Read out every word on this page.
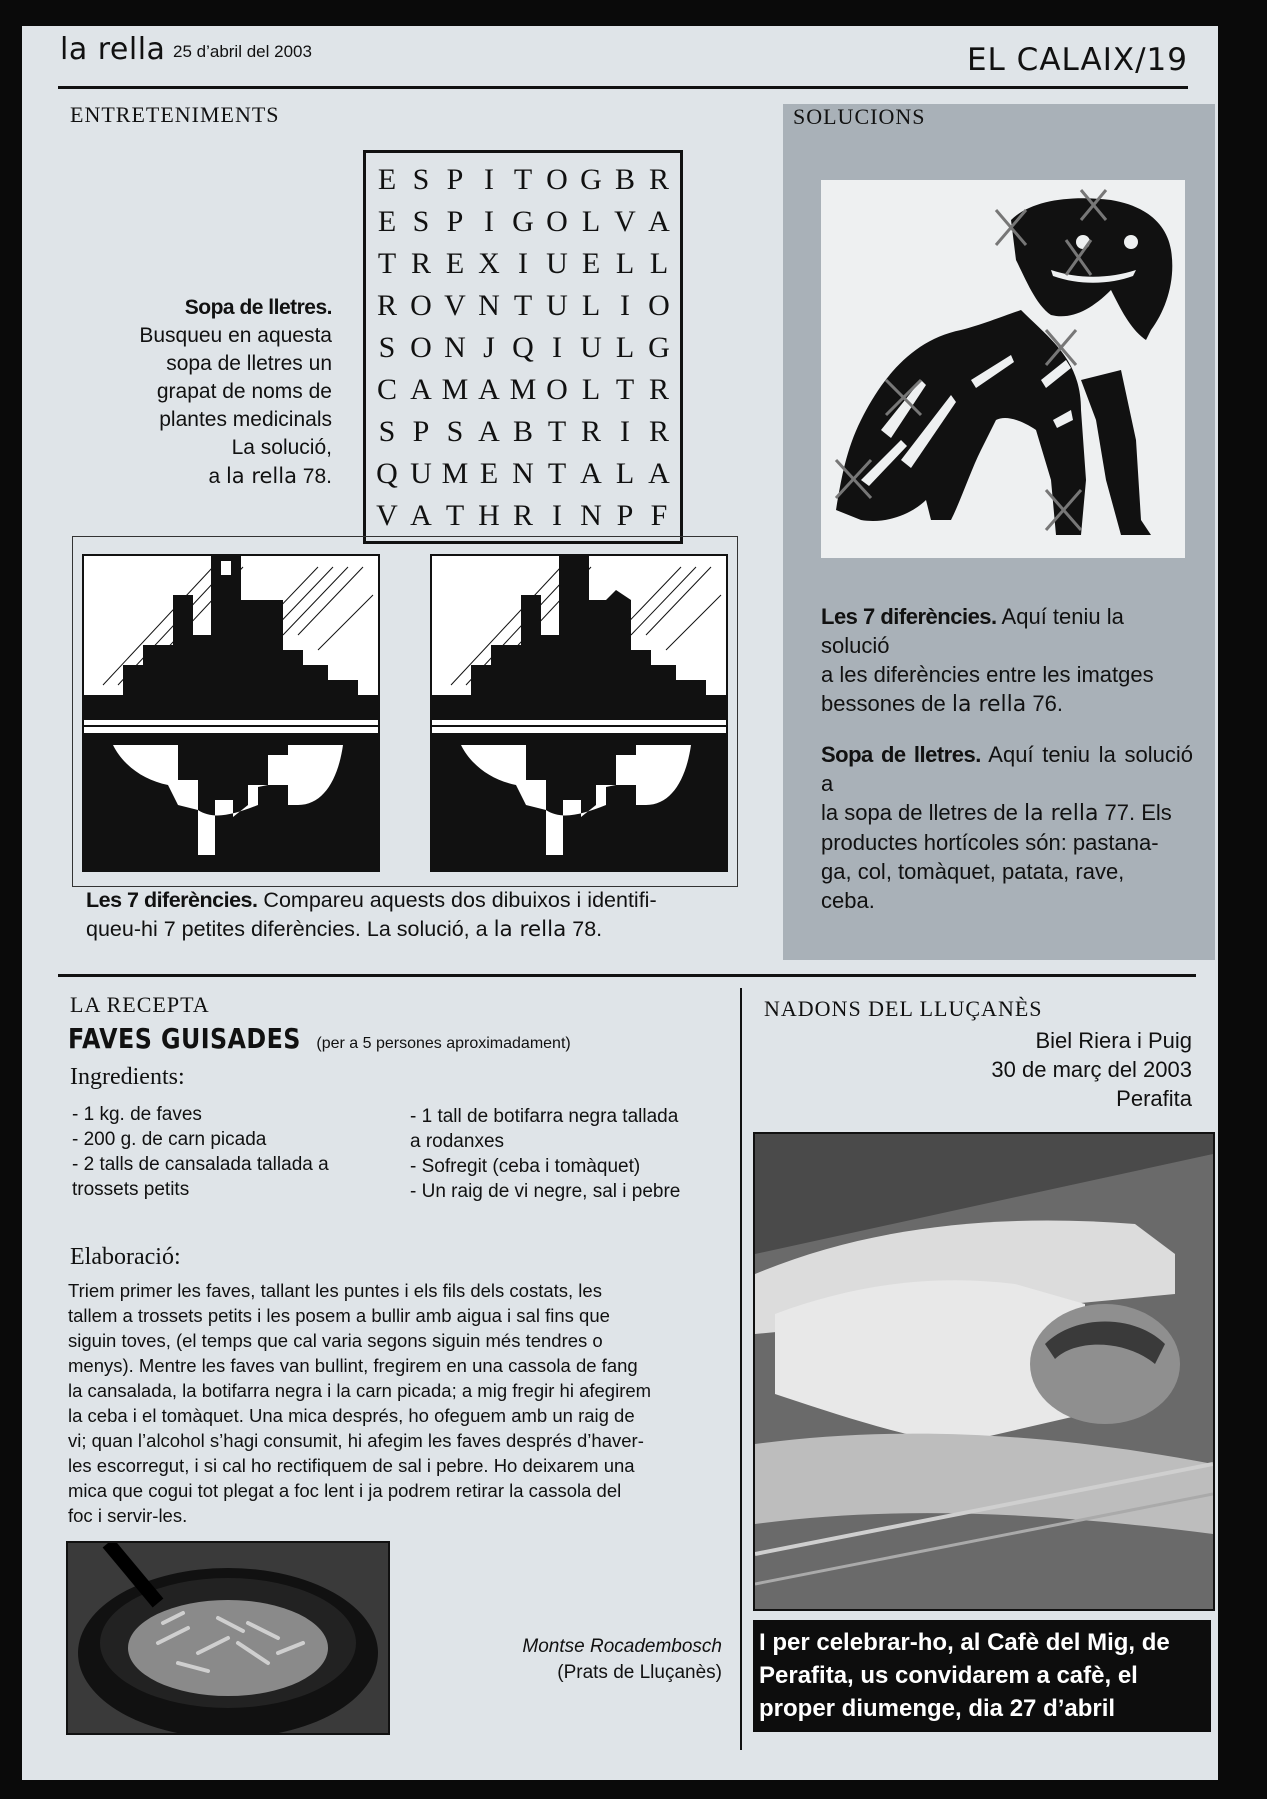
la rella 25 d’abril del 2003	EL CALAIX/19
ENTRETENIMENTS
Sopa de lletres.
Busqueu en aquesta
sopa de lletres un
grapat de noms de
plantes medicinals
La solució,
a la rella 78.
E	S	P	I	T	O	G	B	R
E	S	P	I	G	O	L	V	A
T	R	E	X	I	U	E	L	L
R	O	V	N	T	U	L	I	O
S	O	N	J	Q	I	U	L	G
C	A	M	A	M	O	L	T	R
S	P	S	A	B	T	R	I	R
Q	U	M	E	N	T	A	L	A
V	A	T	H	R	I	N	P	F
Les 7 diferències. Compareu aquests dos dibuixos i identifi-
queu-hi 7 petites diferències. La solució, a la rella 78.
SOLUCIONS
Les 7 diferències. Aquí teniu la solució
a les diferències entre les imatges
bessones de la rella 76.
Sopa de lletres. Aquí teniu la solució a
la sopa de lletres de la rella 77. Els
productes hortícoles són: pastana-
ga, col, tomàquet, patata, rave,
ceba.
LA RECEPTA
FAVES GUISADES (per a 5 persones aproximadament)
Ingredients:
- 1 kg. de faves
- 200 g. de carn picada
- 2 talls de cansalada tallada a
trossets petits
- 1 tall de botifarra negra tallada
a rodanxes
- Sofregit (ceba i tomàquet)
- Un raig de vi negre, sal i pebre
Elaboració:
Triem primer les faves, tallant les puntes i els fils dels costats, les
tallem a trossets petits i les posem a bullir amb aigua i sal fins que
siguin toves, (el temps que cal varia segons siguin més tendres o
menys). Mentre les faves van bullint, fregirem en una cassola de fang
la cansalada, la botifarra negra i la carn picada; a mig fregir hi afegirem
la ceba i el tomàquet. Una mica després, ho ofeguem amb un raig de
vi; quan l’alcohol s’hagi consumit, hi afegim les faves després d’haver-
les escorregut, i si cal ho rectifiquem de sal i pebre. Ho deixarem una
mica que cogui tot plegat a foc lent i ja podrem retirar la cassola del
foc i servir-les.
Montse Rocadembosch
(Prats de Lluçanès)
NADONS DEL LLUÇANÈS
Biel Riera i Puig
30 de març del 2003
Perafita
I per celebrar-ho, al Cafè del Mig, de
Perafita, us convidarem a cafè, el
proper diumenge, dia 27 d’abril
